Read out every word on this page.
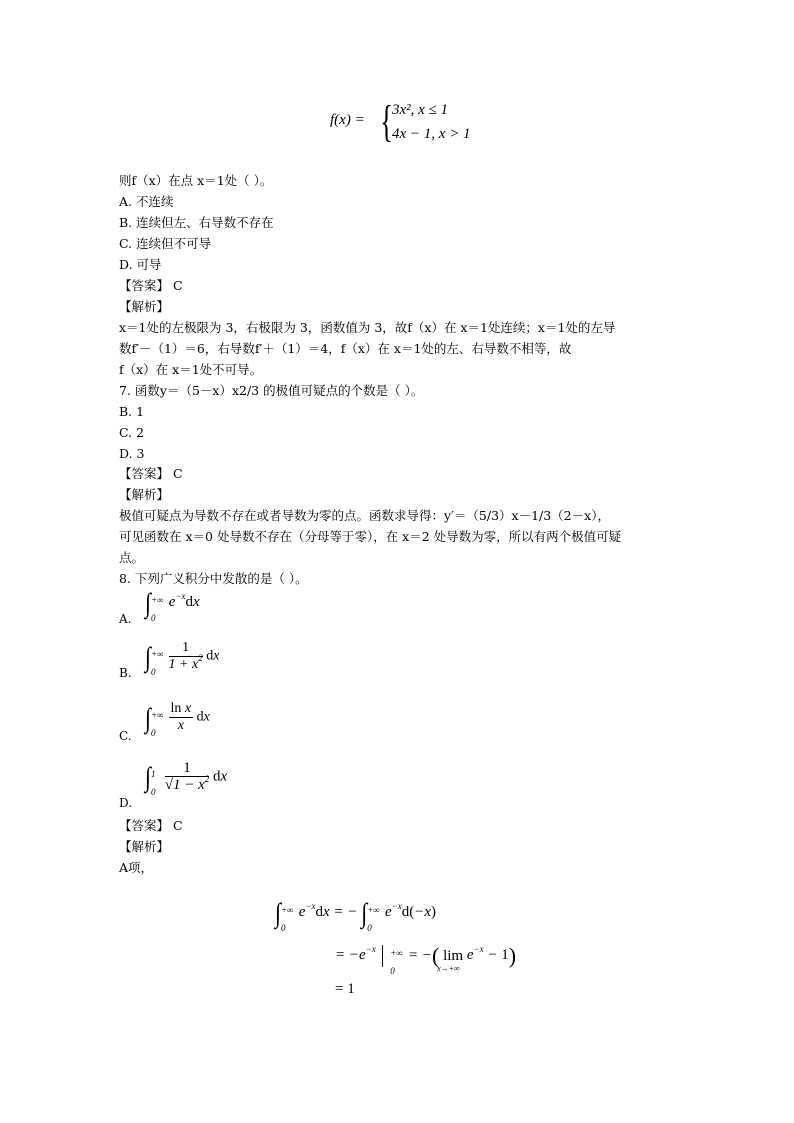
f(x) = { 3x², x ≤ 1
4x − 1, x > 1
则f（x）在点 x＝1处（ ）。
A. 不连续
B. 连续但左、右导数不存在
C. 连续但不可导
D. 可导
【答案】 C
【解析】
x＝1处的左极限为 3，右极限为 3，函数值为 3，故f（x）在 x＝1处连续；x＝1处的左导
数f′－（1）＝6，右导数f′＋（1）＝4，f（x）在 x＝1处的左、右导数不相等，故
f（x）在 x＝1处不可导。
7. 函数y＝（5－x）x2/3 的极值可疑点的个数是（ ）。
B. 1
C. 2
D. 3
【答案】 C
【解析】
极值可疑点为导数不存在或者导数为零的点。函数求导得：y′＝（5/3）x－1/3（2－x），
可见函数在 x＝0 处导数不存在（分母等于零），在 x＝2 处导数为零，所以有两个极值可疑
点。
8. 下列广义积分中发散的是（ ）。
A.
∫ +∞
0
$e^{-x}dx$
B.
∫ +∞
0
$\frac{1}{1 + x^2}$ dx
C.
∫ +∞
0
$\frac{\text{ln x}}{x}$ dx
D.
∫ 1
0
$\frac{1}{√1 - x^2}$ dx
【答案】 C
【解析】
A项，
∫ +∞
0
$e^{-x}dx$ = − ∫ +∞
0
$e^{-x}d(-x)$
= $-e^{-x}$ +∞
0
= −( lim
x→+∞
$e^{-x} - 1$)
= 1
